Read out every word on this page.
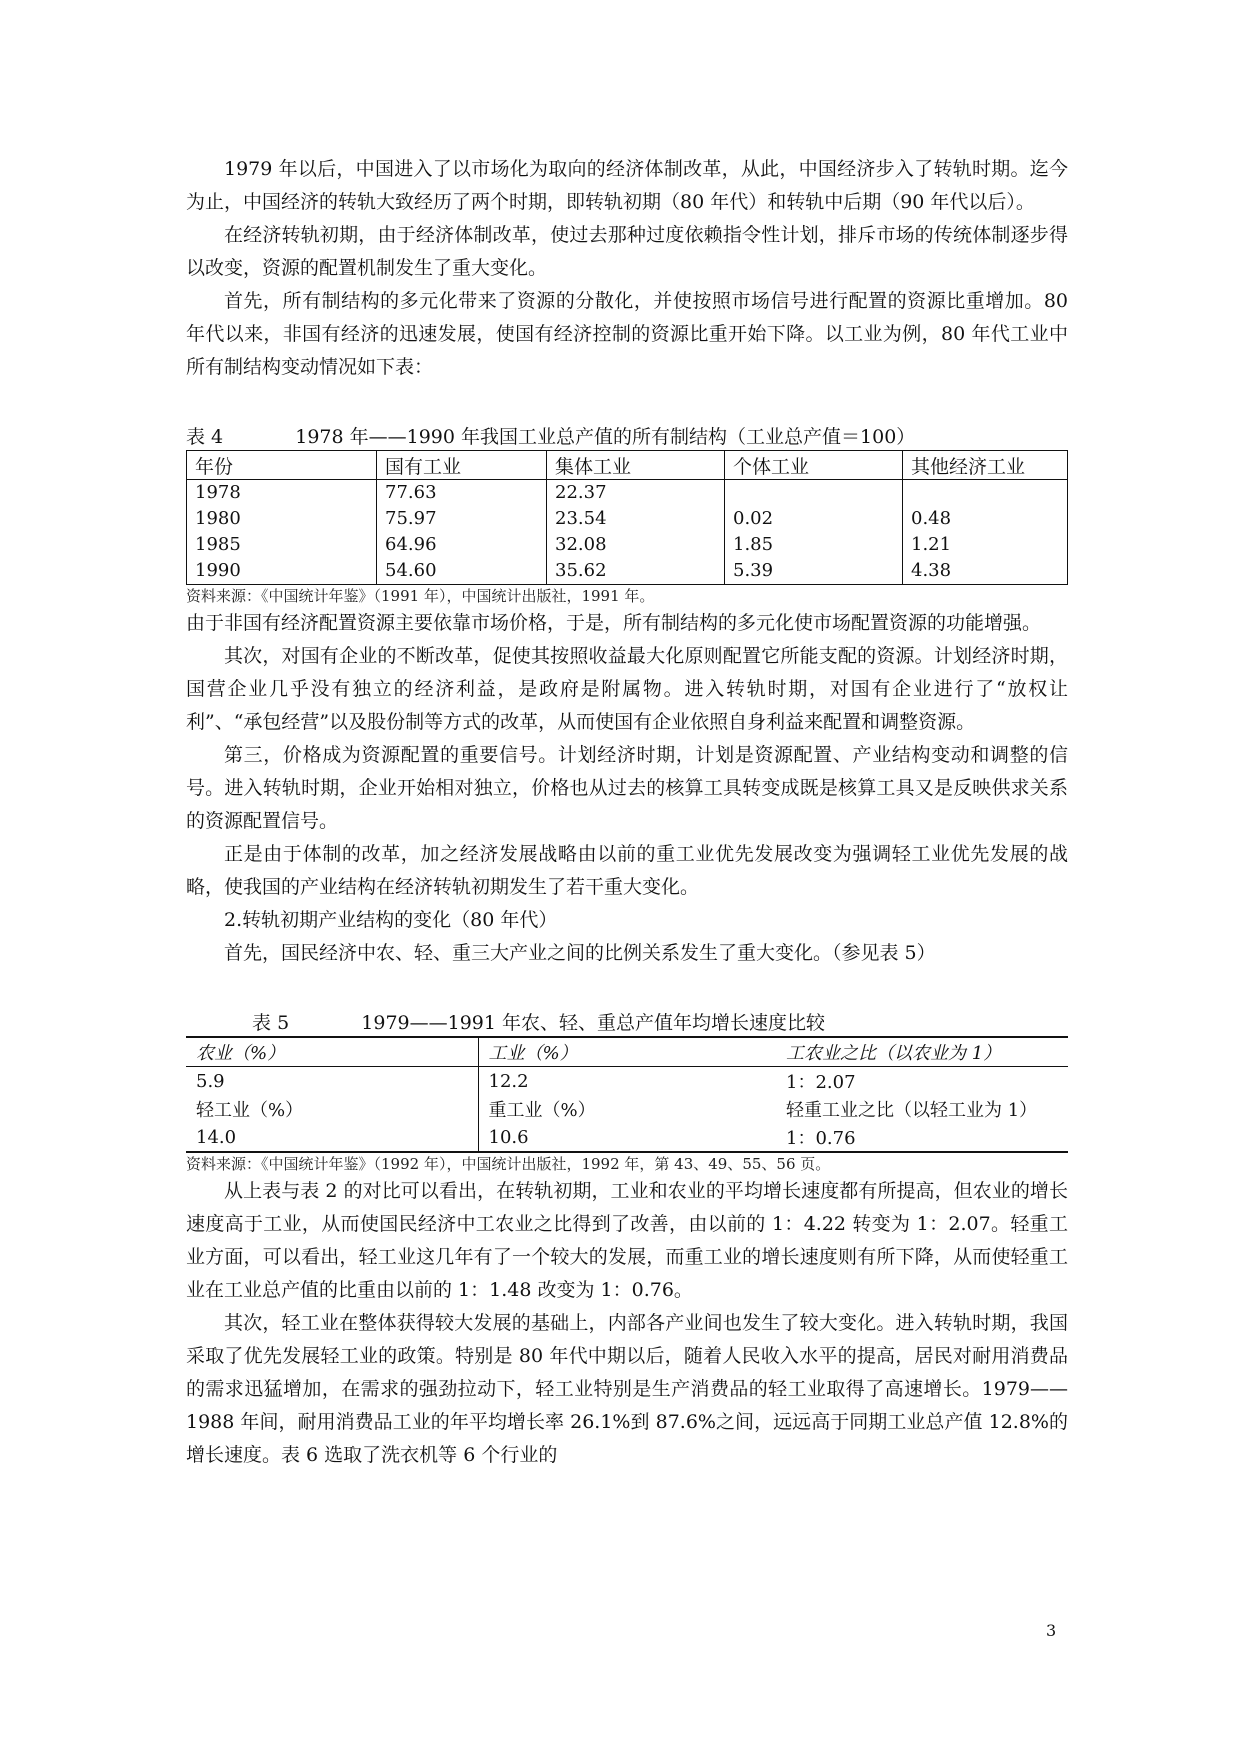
1979 年以后，中国进入了以市场化为取向的经济体制改革，从此，中国经济步入了转轨时期。迄今为止，中国经济的转轨大致经历了两个时期，即转轨初期（80 年代）和转轨中后期（90 年代以后）。

在经济转轨初期，由于经济体制改革，使过去那种过度依赖指令性计划，排斥市场的传统体制逐步得以改变，资源的配置机制发生了重大变化。

首先，所有制结构的多元化带来了资源的分散化，并使按照市场信号进行配置的资源比重增加。80 年代以来，非国有经济的迅速发展，使国有经济控制的资源比重开始下降。以工业为例，80 年代工业中所有制结构变动情况如下表：

表 4	1978 年——1990 年我国工业总产值的所有制结构（工业总产值＝100）
年份	国有工业	集体工业	个体工业	其他经济工业
1978	77.63	22.37		
1980	75.97	23.54	0.02	0.48
1985	64.96	32.08	1.85	1.21
1990	54.60	35.62	5.39	4.38
资料来源：《中国统计年鉴》（1991 年），中国统计出版社，1991 年。

由于非国有经济配置资源主要依靠市场价格，于是，所有制结构的多元化使市场配置资源的功能增强。

其次，对国有企业的不断改革，促使其按照收益最大化原则配置它所能支配的资源。计划经济时期，国营企业几乎没有独立的经济利益，是政府是附属物。进入转轨时期，对国有企业进行了“放权让利”、“承包经营”以及股份制等方式的改革，从而使国有企业依照自身利益来配置和调整资源。

第三，价格成为资源配置的重要信号。计划经济时期，计划是资源配置、产业结构变动和调整的信号。进入转轨时期，企业开始相对独立，价格也从过去的核算工具转变成既是核算工具又是反映供求关系的资源配置信号。

正是由于体制的改革，加之经济发展战略由以前的重工业优先发展改变为强调轻工业优先发展的战略，使我国的产业结构在经济转轨初期发生了若干重大变化。

2.转轨初期产业结构的变化（80 年代）

首先，国民经济中农、轻、重三大产业之间的比例关系发生了重大变化。（参见表 5）

表 5	1979——1991 年农、轻、重总产值年均增长速度比较
农业（%）	工业（%）	工农业之比（以农业为 1）
5.9	12.2	1：2.07
轻工业（%）	重工业（%）	轻重工业之比（以轻工业为 1）
14.0	10.6	1：0.76
资料来源：《中国统计年鉴》（1992 年），中国统计出版社，1992 年，第 43、49、55、56 页。

从上表与表 2 的对比可以看出，在转轨初期，工业和农业的平均增长速度都有所提高，但农业的增长速度高于工业，从而使国民经济中工农业之比得到了改善，由以前的 1：4.22 转变为 1：2.07。轻重工业方面，可以看出，轻工业这几年有了一个较大的发展，而重工业的增长速度则有所下降，从而使轻重工业在工业总产值的比重由以前的 1：1.48 改变为 1：0.76。

其次，轻工业在整体获得较大发展的基础上，内部各产业间也发生了较大变化。进入转轨时期，我国采取了优先发展轻工业的政策。特别是 80 年代中期以后，随着人民收入水平的提高，居民对耐用消费品的需求迅猛增加，在需求的强劲拉动下，轻工业特别是生产消费品的轻工业取得了高速增长。1979——1988 年间，耐用消费品工业的年平均增长率 26.1%到 87.6%之间，远远高于同期工业总产值 12.8%的增长速度。表 6 选取了洗衣机等 6 个行业的

3
